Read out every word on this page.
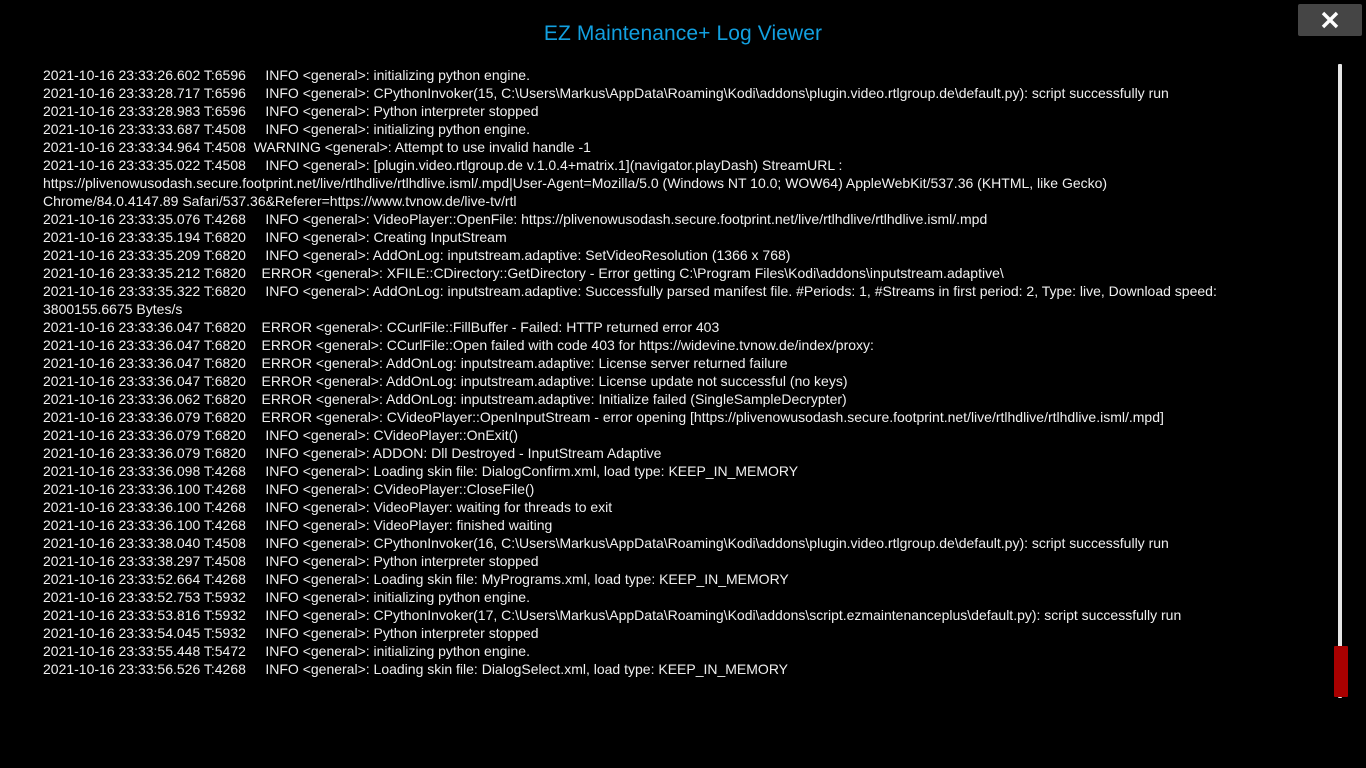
EZ Maintenance+ Log Viewer
2021-10-16 23:33:26.602 T:6596     INFO <general>: initializing python engine.
2021-10-16 23:33:28.717 T:6596     INFO <general>: CPythonInvoker(15, C:\Users\Markus\AppData\Roaming\Kodi\addons\plugin.video.rtlgroup.de\default.py): script successfully run
2021-10-16 23:33:28.983 T:6596     INFO <general>: Python interpreter stopped
2021-10-16 23:33:33.687 T:4508     INFO <general>: initializing python engine.
2021-10-16 23:33:34.964 T:4508  WARNING <general>: Attempt to use invalid handle -1
2021-10-16 23:33:35.022 T:4508     INFO <general>: [plugin.video.rtlgroup.de v.1.0.4+matrix.1](navigator.playDash) StreamURL :
https://plivenowusodash.secure.footprint.net/live/rtlhdlive/rtlhdlive.isml/.mpd|User-Agent=Mozilla/5.0 (Windows NT 10.0; WOW64) AppleWebKit/537.36 (KHTML, like Gecko)
Chrome/84.0.4147.89 Safari/537.36&Referer=https://www.tvnow.de/live-tv/rtl
2021-10-16 23:33:35.076 T:4268     INFO <general>: VideoPlayer::OpenFile: https://plivenowusodash.secure.footprint.net/live/rtlhdlive/rtlhdlive.isml/.mpd
2021-10-16 23:33:35.194 T:6820     INFO <general>: Creating InputStream
2021-10-16 23:33:35.209 T:6820     INFO <general>: AddOnLog: inputstream.adaptive: SetVideoResolution (1366 x 768)
2021-10-16 23:33:35.212 T:6820    ERROR <general>: XFILE::CDirectory::GetDirectory - Error getting C:\Program Files\Kodi\addons\inputstream.adaptive\
2021-10-16 23:33:35.322 T:6820     INFO <general>: AddOnLog: inputstream.adaptive: Successfully parsed manifest file. #Periods: 1, #Streams in first period: 2, Type: live, Download speed:
3800155.6675 Bytes/s
2021-10-16 23:33:36.047 T:6820    ERROR <general>: CCurlFile::FillBuffer - Failed: HTTP returned error 403
2021-10-16 23:33:36.047 T:6820    ERROR <general>: CCurlFile::Open failed with code 403 for https://widevine.tvnow.de/index/proxy:

2021-10-16 23:33:36.047 T:6820    ERROR <general>: AddOnLog: inputstream.adaptive: License server returned failure
2021-10-16 23:33:36.047 T:6820    ERROR <general>: AddOnLog: inputstream.adaptive: License update not successful (no keys)
2021-10-16 23:33:36.062 T:6820    ERROR <general>: AddOnLog: inputstream.adaptive: Initialize failed (SingleSampleDecrypter)
2021-10-16 23:33:36.079 T:6820    ERROR <general>: CVideoPlayer::OpenInputStream - error opening [https://plivenowusodash.secure.footprint.net/live/rtlhdlive/rtlhdlive.isml/.mpd]
2021-10-16 23:33:36.079 T:6820     INFO <general>: CVideoPlayer::OnExit()
2021-10-16 23:33:36.079 T:6820     INFO <general>: ADDON: Dll Destroyed - InputStream Adaptive
2021-10-16 23:33:36.098 T:4268     INFO <general>: Loading skin file: DialogConfirm.xml, load type: KEEP_IN_MEMORY
2021-10-16 23:33:36.100 T:4268     INFO <general>: CVideoPlayer::CloseFile()
2021-10-16 23:33:36.100 T:4268     INFO <general>: VideoPlayer: waiting for threads to exit
2021-10-16 23:33:36.100 T:4268     INFO <general>: VideoPlayer: finished waiting
2021-10-16 23:33:38.040 T:4508     INFO <general>: CPythonInvoker(16, C:\Users\Markus\AppData\Roaming\Kodi\addons\plugin.video.rtlgroup.de\default.py): script successfully run
2021-10-16 23:33:38.297 T:4508     INFO <general>: Python interpreter stopped
2021-10-16 23:33:52.664 T:4268     INFO <general>: Loading skin file: MyPrograms.xml, load type: KEEP_IN_MEMORY
2021-10-16 23:33:52.753 T:5932     INFO <general>: initializing python engine.
2021-10-16 23:33:53.816 T:5932     INFO <general>: CPythonInvoker(17, C:\Users\Markus\AppData\Roaming\Kodi\addons\script.ezmaintenanceplus\default.py): script successfully run
2021-10-16 23:33:54.045 T:5932     INFO <general>: Python interpreter stopped
2021-10-16 23:33:55.448 T:5472     INFO <general>: initializing python engine.
2021-10-16 23:33:56.526 T:4268     INFO <general>: Loading skin file: DialogSelect.xml, load type: KEEP_IN_MEMORY
